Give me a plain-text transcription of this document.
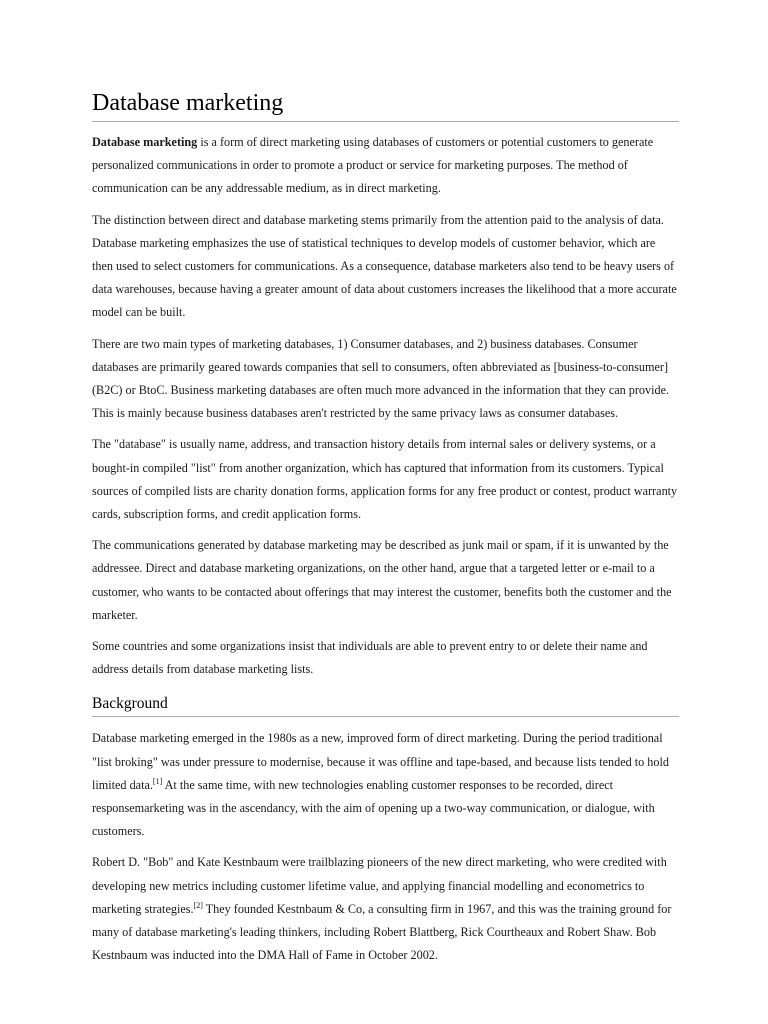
Database marketing

Database marketing is a form of direct marketing using databases of customers or potential customers to generate personalized communications in order to promote a product or service for marketing purposes. The method of communication can be any addressable medium, as in direct marketing.

The distinction between direct and database marketing stems primarily from the attention paid to the analysis of data. Database marketing emphasizes the use of statistical techniques to develop models of customer behavior, which are then used to select customers for communications. As a consequence, database marketers also tend to be heavy users of data warehouses, because having a greater amount of data about customers increases the likelihood that a more accurate model can be built.

There are two main types of marketing databases, 1) Consumer databases, and 2) business databases. Consumer databases are primarily geared towards companies that sell to consumers, often abbreviated as [business-to-consumer] (B2C) or BtoC. Business marketing databases are often much more advanced in the information that they can provide. This is mainly because business databases aren't restricted by the same privacy laws as consumer databases.

The "database" is usually name, address, and transaction history details from internal sales or delivery systems, or a bought-in compiled "list" from another organization, which has captured that information from its customers. Typical sources of compiled lists are charity donation forms, application forms for any free product or contest, product warranty cards, subscription forms, and credit application forms.

The communications generated by database marketing may be described as junk mail or spam, if it is unwanted by the addressee. Direct and database marketing organizations, on the other hand, argue that a targeted letter or e-mail to a customer, who wants to be contacted about offerings that may interest the customer, benefits both the customer and the marketer.

Some countries and some organizations insist that individuals are able to prevent entry to or delete their name and address details from database marketing lists.

Background

Database marketing emerged in the 1980s as a new, improved form of direct marketing. During the period traditional "list broking" was under pressure to modernise, because it was offline and tape-based, and because lists tended to hold limited data.[1] At the same time, with new technologies enabling customer responses to be recorded, direct responsemarketing was in the ascendancy, with the aim of opening up a two-way communication, or dialogue, with customers.

Robert D. "Bob" and Kate Kestnbaum were trailblazing pioneers of the new direct marketing, who were credited with developing new metrics including customer lifetime value, and applying financial modelling and econometrics to marketing strategies.[2] They founded Kestnbaum & Co, a consulting firm in 1967, and this was the training ground for many of database marketing's leading thinkers, including Robert Blattberg, Rick Courtheaux and Robert Shaw. Bob Kestnbaum was inducted into the DMA Hall of Fame in October 2002.
